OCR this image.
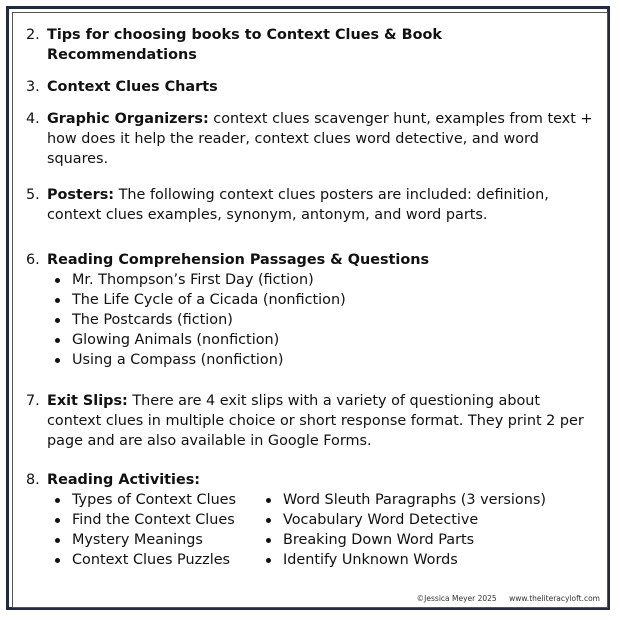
2. Tips for choosing books to Context Clues & Book Recommendations
3. Context Clues Charts
4. Graphic Organizers: context clues scavenger hunt, examples from text + how does it help the reader, context clues word detective, and word squares.
5. Posters: The following context clues posters are included: definition, context clues examples, synonym, antonym, and word parts.
6. Reading Comprehension Passages & Questions
Mr. Thompson’s First Day (fiction)
The Life Cycle of a Cicada (nonfiction)
The Postcards (fiction)
Glowing Animals (nonfiction)
Using a Compass (nonfiction)
7. Exit Slips: There are 4 exit slips with a variety of questioning about context clues in multiple choice or short response format. They print 2 per page and are also available in Google Forms.
8. Reading Activities:
Types of Context Clues
Find the Context Clues
Mystery Meanings
Context Clues Puzzles
Word Sleuth Paragraphs (3 versions)
Vocabulary Word Detective
Breaking Down Word Parts
Identify Unknown Words
©Jessica Meyer 2025 www.theliteracyloft.com
